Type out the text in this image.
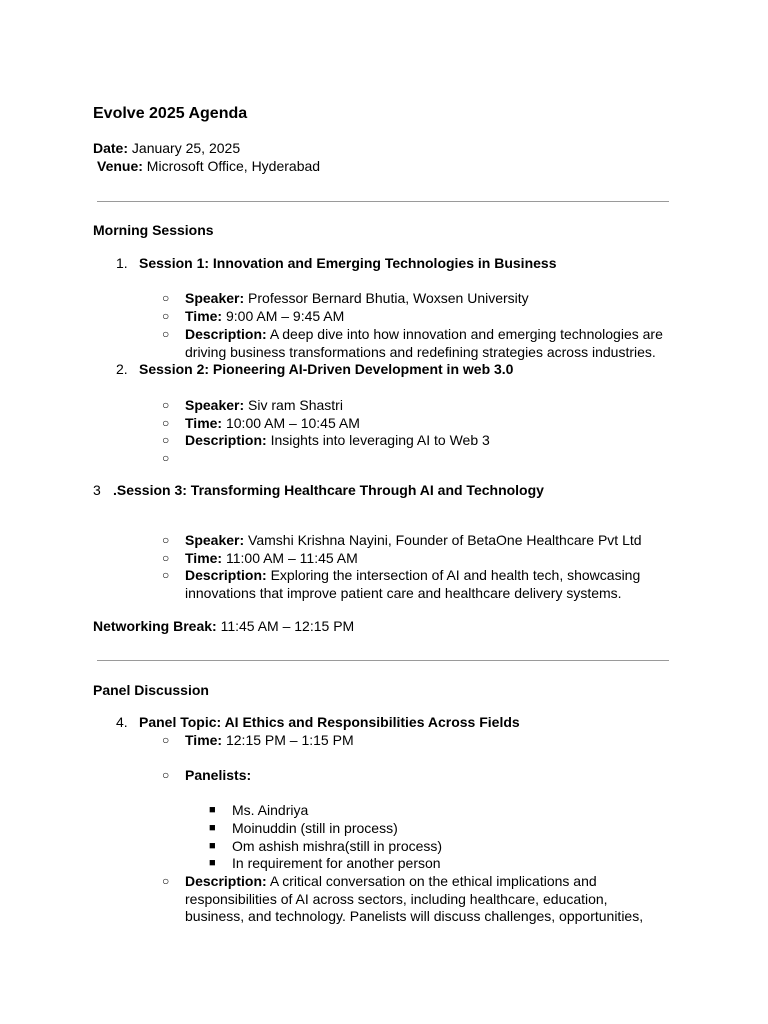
Evolve 2025 Agenda
Date: January 25, 2025
Venue: Microsoft Office, Hyderabad
Morning Sessions
1. Session 1: Innovation and Emerging Technologies in Business
○ Speaker: Professor Bernard Bhutia, Woxsen University
○ Time: 9:00 AM – 9:45 AM
○ Description: A deep dive into how innovation and emerging technologies are
driving business transformations and redefining strategies across industries.
2. Session 2: Pioneering AI-Driven Development in web 3.0
○ Speaker: Siv ram Shastri
○ Time: 10:00 AM – 10:45 AM
○ Description: Insights into leveraging AI to Web 3
○
3 .Session 3: Transforming Healthcare Through AI and Technology
○ Speaker: Vamshi Krishna Nayini, Founder of BetaOne Healthcare Pvt Ltd
○ Time: 11:00 AM – 11:45 AM
○ Description: Exploring the intersection of AI and health tech, showcasing
innovations that improve patient care and healthcare delivery systems.
Networking Break: 11:45 AM – 12:15 PM
Panel Discussion
4. Panel Topic: AI Ethics and Responsibilities Across Fields
○ Time: 12:15 PM – 1:15 PM
○ Panelists:
■ Ms. Aindriya
■ Moinuddin (still in process)
■ Om ashish mishra(still in process)
■ In requirement for another person
○ Description: A critical conversation on the ethical implications and
responsibilities of AI across sectors, including healthcare, education,
business, and technology. Panelists will discuss challenges, opportunities,
